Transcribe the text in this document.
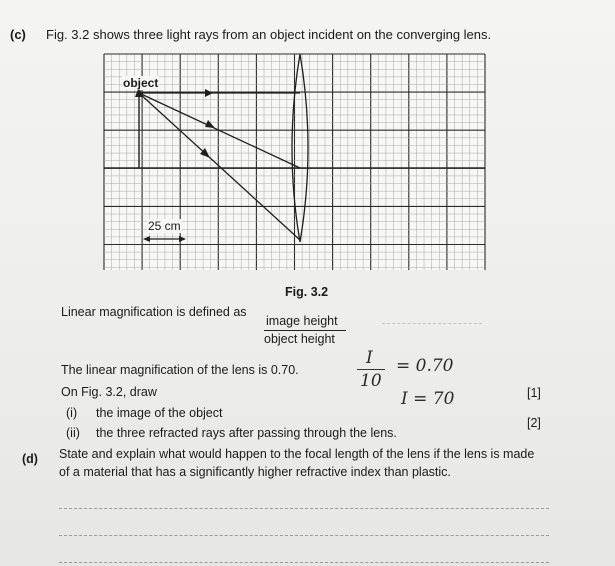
(c) Fig. 3.2 shows three light rays from an object incident on the converging lens.
object
25 cm
Fig. 3.2
Linear magnification is defined as
image height
object height
The linear magnification of the lens is 0.70.
On Fig. 3.2, draw
(i) the image of the object
[1]
(ii) the three refracted rays after passing through the lens.
[2]
I
10
= 0.70
I = 70
(d) State and explain what would happen to the focal length of the lens if the lens is made
of a material that has a significantly higher refractive index than plastic.
